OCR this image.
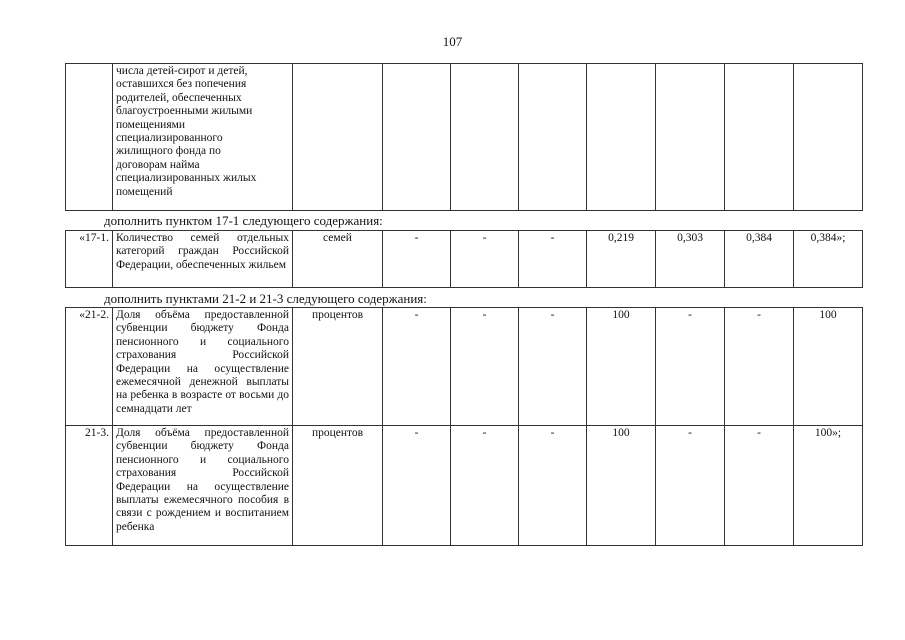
107

числа детей-сирот и детей,
оставшихся без попечения
родителей, обеспеченных
благоустроенными жилыми
помещениями
специализированного
жилищного фонда по
договорам найма
специализированных жилых
помещений

дополнить пунктом 17-1 следующего содержания:
«17-1.	Количество семей отдельных категорий граждан Российской Федерации, обеспеченных жильем	семей	-	-	-	0,219	0,303	0,384	0,384»;
дополнить пунктами 21-2 и 21-3 следующего содержания:
«21-2.	Доля объёма предоставленной субвенции бюджету Фонда пенсионного и социального страхования Российской Федерации на осуществление ежемесячной денежной выплаты на ребенка в возрасте от восьми до семнадцати лет	процентов	-	-	-	100	-	-	100
21-3.	Доля объёма предоставленной субвенции бюджету Фонда пенсионного и социального страхования Российской Федерации на осуществление выплаты ежемесячного пособия в связи с рождением и воспитанием ребенка	процентов	-	-	-	100	-	-	100»;
